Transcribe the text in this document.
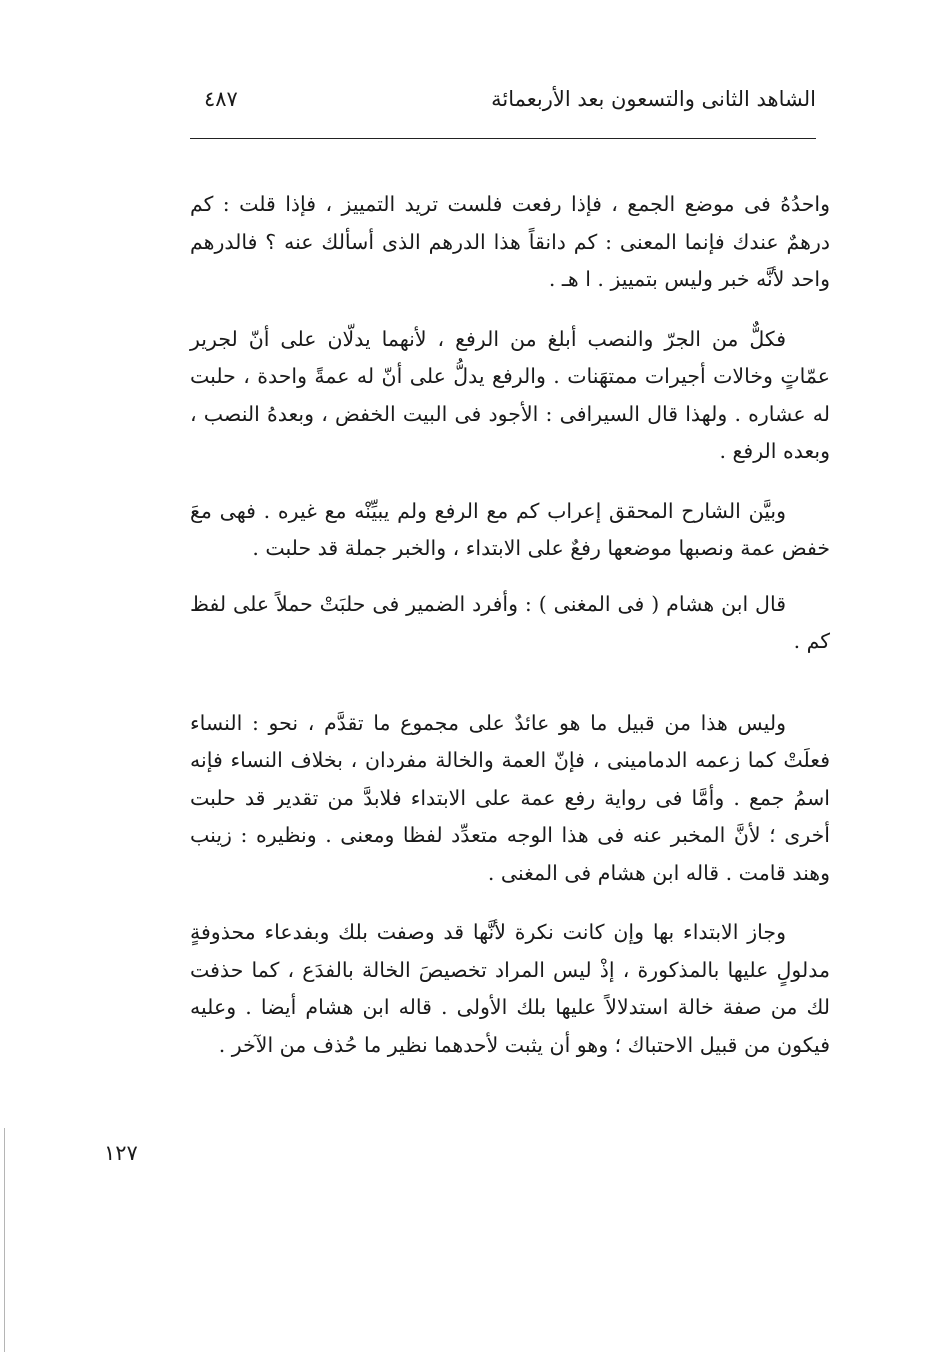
الشاهد الثانى والتسعون بعد الأربعمائة
٤٨٧

واحدُهُ فى موضع الجمع ، فإذا رفعت فلست تريد التمييز ، فإذا قلت : كم درهمٌ عندك فإنما المعنى : كم دانقاً هذا الدرهم الذى أسألك عنه ؟ فالدرهم واحد لأنَّه خبر وليس بتمييز . ا هـ .

فكلٌّ من الجرّ والنصب أبلغ من الرفع ، لأنهما يدلّان على أنّ لجرير عمّاتٍ وخالات أجيرات ممتهَنات . والرفع يدلُّ على أنّ له عمةً واحدة ، حلبت له عشاره . ولهذا قال السيرافى : الأجود فى البيت الخفض ، وبعدهُ النصب ، وبعده الرفع .

وبيَّن الشارح المحقق إعراب كم مع الرفع ولم يبيِّنْه مع غيره . فهى معَ خفض عمة ونصبها موضعها رفعٌ على الابتداء ، والخبر جملة قد حلبت .

قال ابن هشام ( فى المغنى ) : وأفرد الضمير فى حلبَتْ حملاً على لفظ كم .

وليس هذا من قبيل ما هو عائدٌ على مجموع ما تقدَّم ، نحو : النساء فعلَتْ كما زعمه الدمامينى ، فإنّ العمة والخالة مفردان ، بخلاف النساء فإنه اسمُ جمع . وأمَّا فى رواية رفع عمة على الابتداء فلابدَّ من تقدير قد حلبت أخرى ؛ لأنَّ المخبر عنه فى هذا الوجه متعدِّد لفظا ومعنى . ونظيره : زينب وهند قامت . قاله ابن هشام فى المغنى .

وجاز الابتداء بها وإن كانت نكرة لأنَّها قد وصفت بلك وبفدعاء محذوفةٍ مدلولٍ عليها بالمذكورة ، إذْ ليس المراد تخصيصَ الخالة بالفدَع ، كما حذفت لك من صفة خالة استدلالاً عليها بلك الأولى . قاله ابن هشام أيضا . وعليه فيكون من قبيل الاحتباك ؛ وهو أن يثبت لأحدهما نظير ما حُذف من الآخر .

١٢٧
